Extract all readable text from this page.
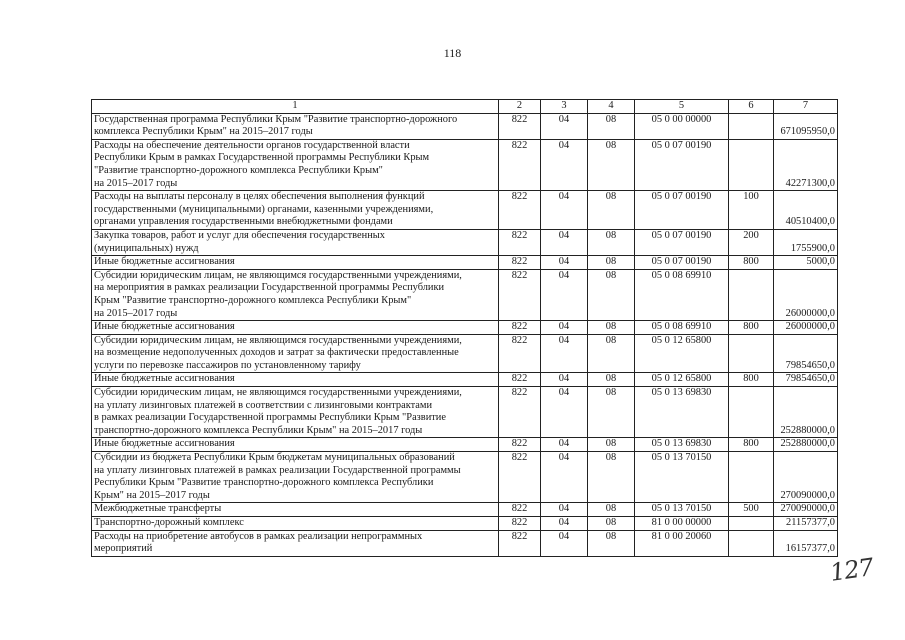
118
1	2	3	4	5	6	7
Государственная программа Республики Крым "Развитие транспортно-дорожного
комплекса Республики Крым" на 2015–2017 годы	822	04	08	05 0 00 00000		671095950,0
Расходы на обеспечение деятельности органов государственной власти
Республики Крым в рамках Государственной программы Республики Крым
"Развитие транспортно-дорожного комплекса Республики Крым"
на 2015–2017 годы	822	04	08	05 0 07 00190		42271300,0
Расходы на выплаты персоналу в целях обеспечения выполнения функций
государственными (муниципальными) органами, казенными учреждениями,
органами управления государственными внебюджетными фондами	822	04	08	05 0 07 00190	100	40510400,0
Закупка товаров, работ и услуг для обеспечения государственных
(муниципальных) нужд	822	04	08	05 0 07 00190	200	1755900,0
Иные бюджетные ассигнования	822	04	08	05 0 07 00190	800	5000,0
Субсидии юридическим лицам, не являющимся государственными учреждениями,
на мероприятия в рамках реализации Государственной программы Республики
Крым "Развитие транспортно-дорожного комплекса Республики Крым"
на 2015–2017 годы	822	04	08	05 0 08 69910		26000000,0
Иные бюджетные ассигнования	822	04	08	05 0 08 69910	800	26000000,0
Субсидии юридическим лицам, не являющимся государственными учреждениями,
на возмещение недополученных доходов и затрат за фактически предоставленные
услуги по перевозке пассажиров по установленному тарифу	822	04	08	05 0 12 65800		79854650,0
Иные бюджетные ассигнования	822	04	08	05 0 12 65800	800	79854650,0
Субсидии юридическим лицам, не являющимся государственными учреждениями,
на уплату лизинговых платежей в соответствии с лизинговыми контрактами
в рамках реализации Государственной программы Республики Крым "Развитие
транспортно-дорожного комплекса Республики Крым" на 2015–2017 годы	822	04	08	05 0 13 69830		252880000,0
Иные бюджетные ассигнования	822	04	08	05 0 13 69830	800	252880000,0
Субсидии из бюджета Республики Крым бюджетам муниципальных образований
на уплату лизинговых платежей в рамках реализации Государственной программы
Республики Крым "Развитие транспортно-дорожного комплекса Республики
Крым" на 2015–2017 годы	822	04	08	05 0 13 70150		270090000,0
Межбюджетные трансферты	822	04	08	05 0 13 70150	500	270090000,0
Транспортно-дорожный комплекс	822	04	08	81 0 00 00000		21157377,0
Расходы на приобретение автобусов в рамках реализации непрограммных
мероприятий	822	04	08	81 0 00 20060		16157377,0
127
